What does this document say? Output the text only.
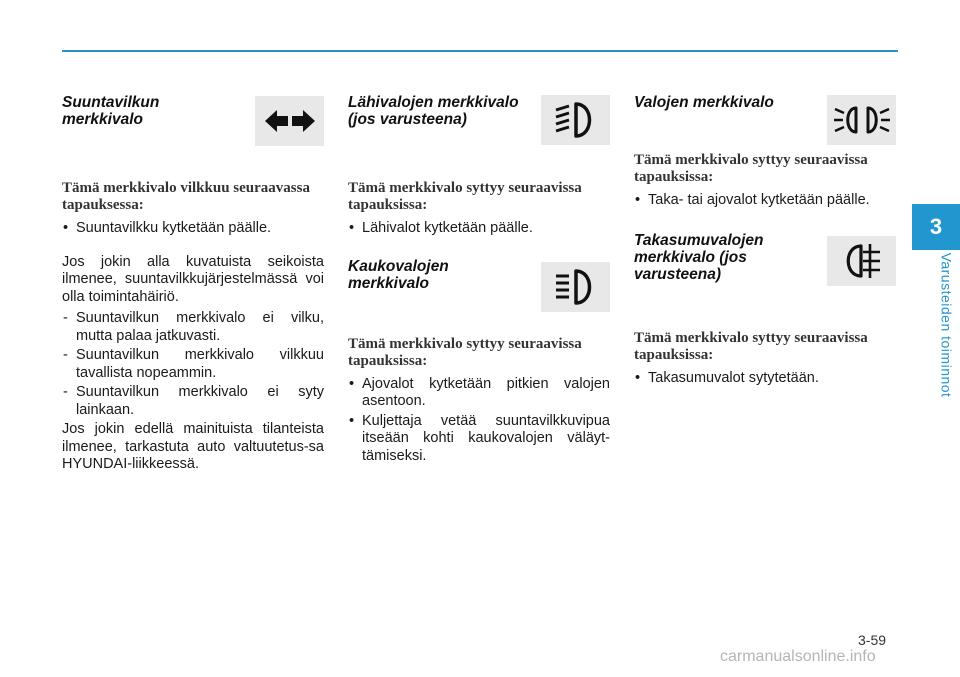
3
Varusteiden toiminnot

Suuntavilkun merkkivalo

Tämä merkkivalo vilkkuu seuraavassa tapauksessa:

• Suuntavilkku kytketään päälle.

Jos jokin alla kuvatuista seikoista ilmenee, suuntavilkkujärjestelmässä voi olla toimintahäiriö.

- Suuntavilkun merkkivalo ei vilku, mutta palaa jatkuvasti.
- Suuntavilkun merkkivalo vilkkuu tavallista nopeammin.
- Suuntavilkun merkkivalo ei syty lainkaan.

Jos jokin edellä mainituista tilanteista ilmenee, tarkastuta auto valtuutetus-sa HYUNDAI-liikkeessä.

Lähivalojen merkkivalo (jos varusteena)

Tämä merkkivalo syttyy seuraavissa tapauksissa:

• Lähivalot kytketään päälle.

Kaukovalojen merkkivalo

Tämä merkkivalo syttyy seuraavissa tapauksissa:

• Ajovalot kytketään pitkien valojen asentoon.
• Kuljettaja vetää suuntavilkkuvipua itseään kohti kaukovalojen väläyt-tämiseksi.

Valojen merkkivalo

Tämä merkkivalo syttyy seuraavissa tapauksissa:

• Taka- tai ajovalot kytketään päälle.

Takasumuvalojen merkkivalo (jos varusteena)

Tämä merkkivalo syttyy seuraavissa tapauksissa:

• Takasumuvalot sytytetään.
3-59
carmanualsonline.info
